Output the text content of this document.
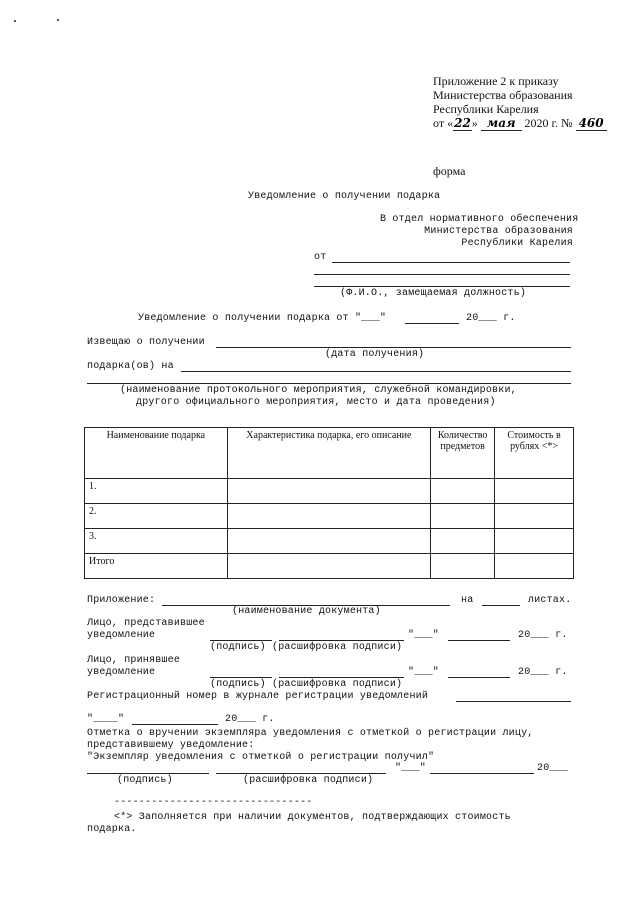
Приложение 2 к приказу
Министерства образования
Республики Карелия
от «22» мая 2020 г. № 460
форма
Уведомление о получении подарка
В отдел нормативного обеспечения
Министерства образования
Республики Карелия
от
(Ф.И.О., замещаемая должность)
Уведомление о получении подарка от "___"	20___ г.
Извещаю о получении
(дата получения)
подарка(ов) на
(наименование протокольного мероприятия, служебной командировки,
другого официального мероприятия, место и дата проведения)
Наименование подарка	Характеристика подарка, его описание	Количество предметов	Стоимость в рублях <*>
1.			
2.			
3.			
Итого			
Приложение:	на	листах.
(наименование документа)
Лицо, представившее
уведомление	"___"	20___ г.
(подпись) (расшифровка подписи)
Лицо, принявшее
уведомление	"___"	20___ г.
(подпись) (расшифровка подписи)
Регистрационный номер в журнале регистрации уведомлений
"____"	20___ г.
Отметка о вручении экземпляра уведомления с отметкой о регистрации лицу,
представившему уведомление:
"Экземпляр уведомления с отметкой о регистрации получил"
"___"	20___
(подпись)	(расшифровка подписи)
--------------------------------
<*> Заполняется при наличии документов, подтверждающих стоимость
подарка.
